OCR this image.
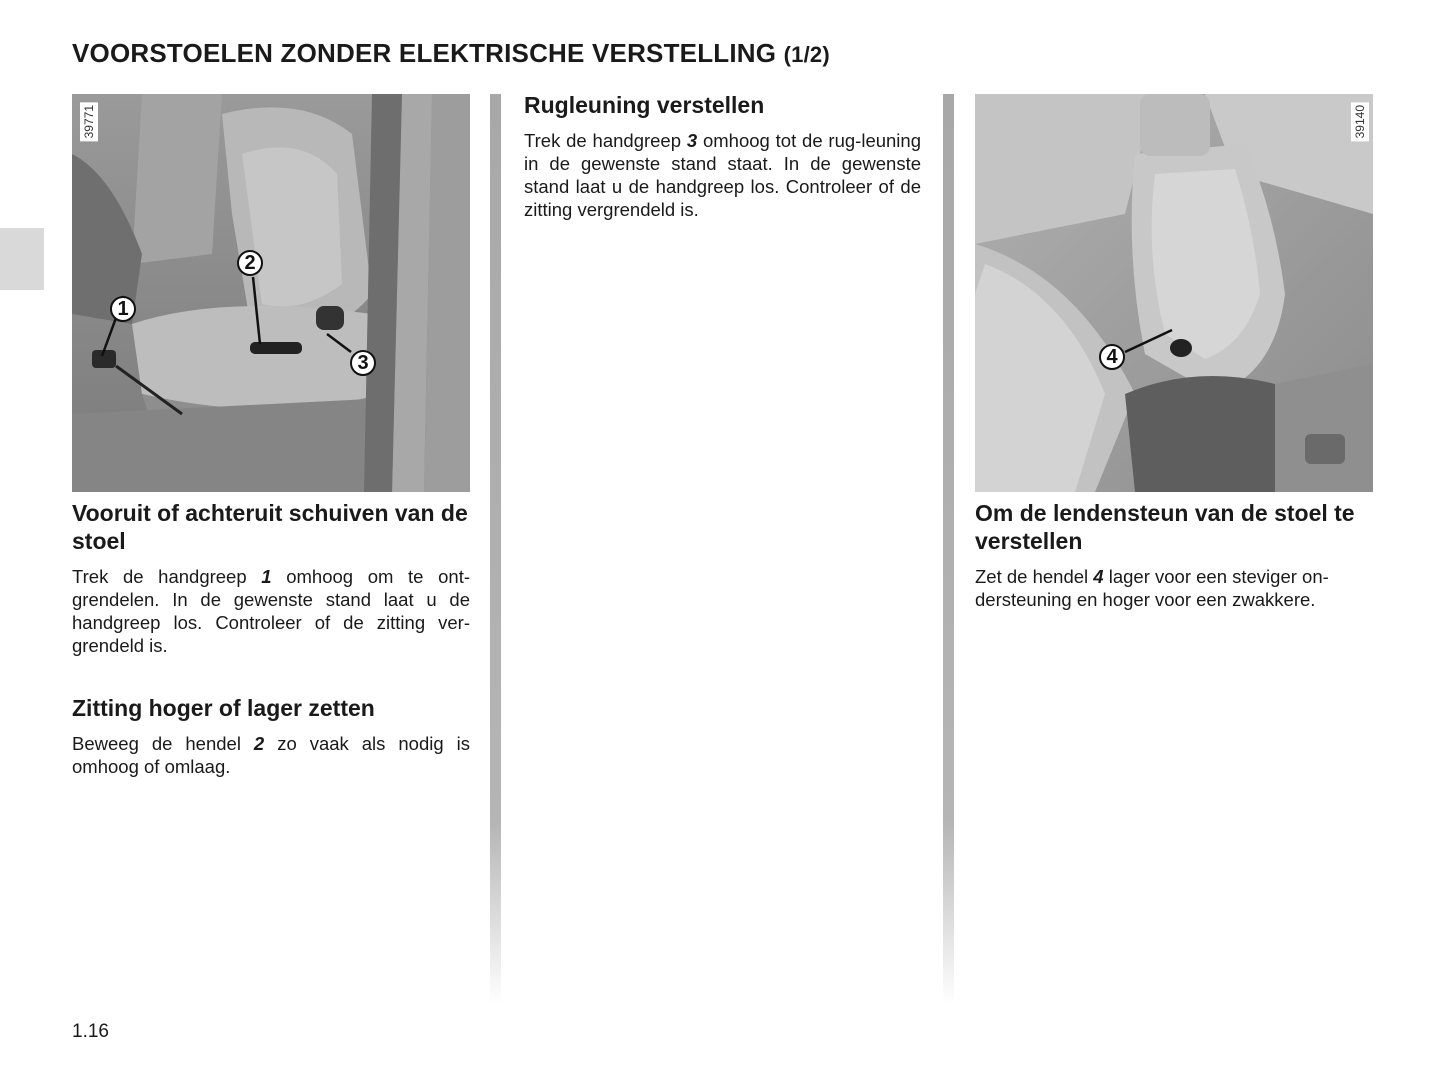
VOORSTOELEN ZONDER ELEKTRISCHE VERSTELLING (1/2)
39771
1
2
3
Vooruit of achteruit schuiven van de stoel
Trek de handgreep 1 omhoog om te ont-grendelen. In de gewenste stand laat u de handgreep los. Controleer of de zitting ver-grendeld is.
Zitting hoger of lager zetten
Beweeg de hendel 2 zo vaak als nodig is omhoog of omlaag.
Rugleuning verstellen
Trek de handgreep 3 omhoog tot de rug-leuning in de gewenste stand staat. In de gewenste stand laat u de handgreep los. Controleer of de zitting vergrendeld is.
39140
4
Om de lendensteun van de stoel te verstellen
Zet de hendel 4 lager voor een steviger on-dersteuning en hoger voor een zwakkere.
1.16
